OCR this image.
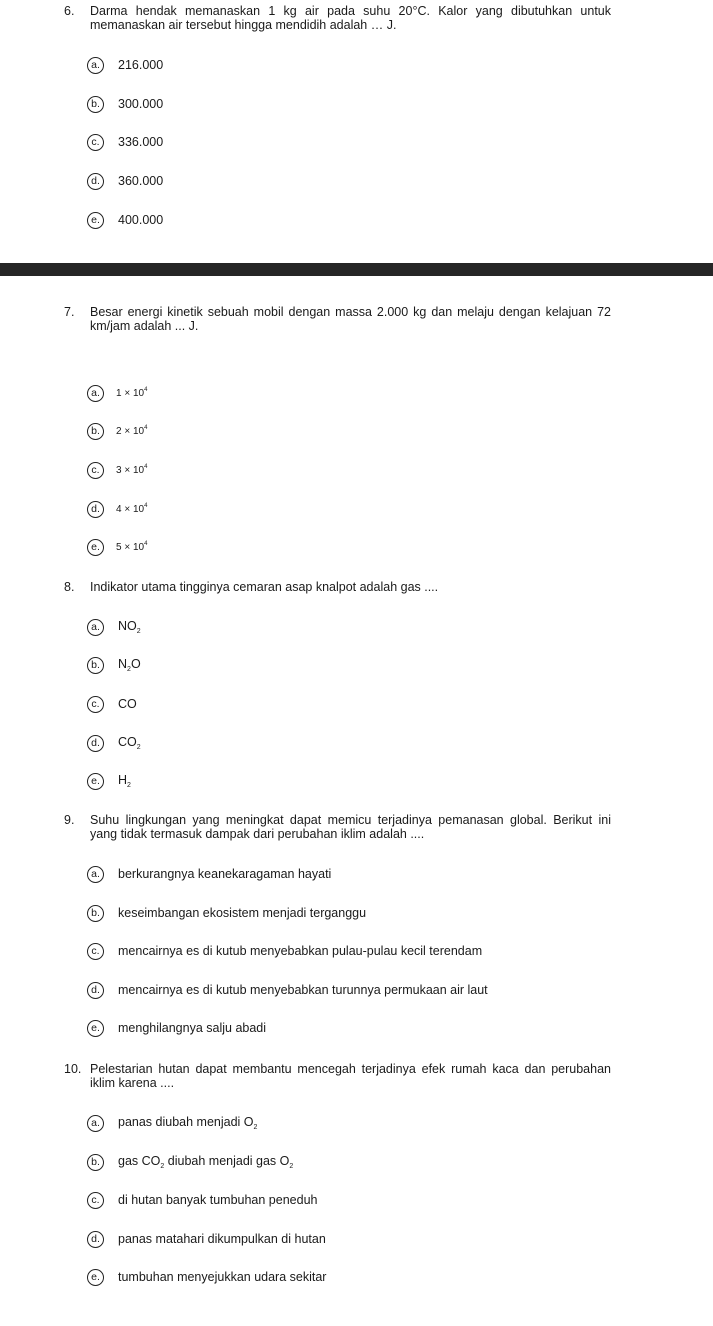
6. Darma hendak memanaskan 1 kg air pada suhu 20°C. Kalor yang dibutuhkan untuk memanaskan air tersebut hingga mendidih adalah … J.
a.	216.000
b.	300.000
c.	336.000
d.	360.000
e.	400.000
7. Besar energi kinetik sebuah mobil dengan massa 2.000 kg dan melaju dengan kelajuan 72 km/jam adalah ... J.
a.	$1 \times 10^4$
b.	$2 \times 10^4$
c.	$3 \times 10^4$
d.	$4 \times 10^4$
e.	$5 \times 10^4$
8. Indikator utama tingginya cemaran asap knalpot adalah gas ....
a.	$NO_2$
b.	$N_2O$
c.	CO
d.	$CO_2$
e.	$H_2$
9. Suhu lingkungan yang meningkat dapat memicu terjadinya pemanasan global. Berikut ini yang tidak termasuk dampak dari perubahan iklim adalah ....
a.	berkurangnya keanekaragaman hayati
b.	keseimbangan ekosistem menjadi terganggu
c.	mencairnya es di kutub menyebabkan pulau-pulau kecil terendam
d.	mencairnya es di kutub menyebabkan turunnya permukaan air laut
e.	menghilangnya salju abadi
10. Pelestarian hutan dapat membantu mencegah terjadinya efek rumah kaca dan perubahan iklim karena ....
a.	panas diubah menjadi $O_2$
b.	gas $CO_2$ diubah menjadi gas $O_2$
c.	di hutan banyak tumbuhan peneduh
d.	panas matahari dikumpulkan di hutan
e.	tumbuhan menyejukkan udara sekitar
